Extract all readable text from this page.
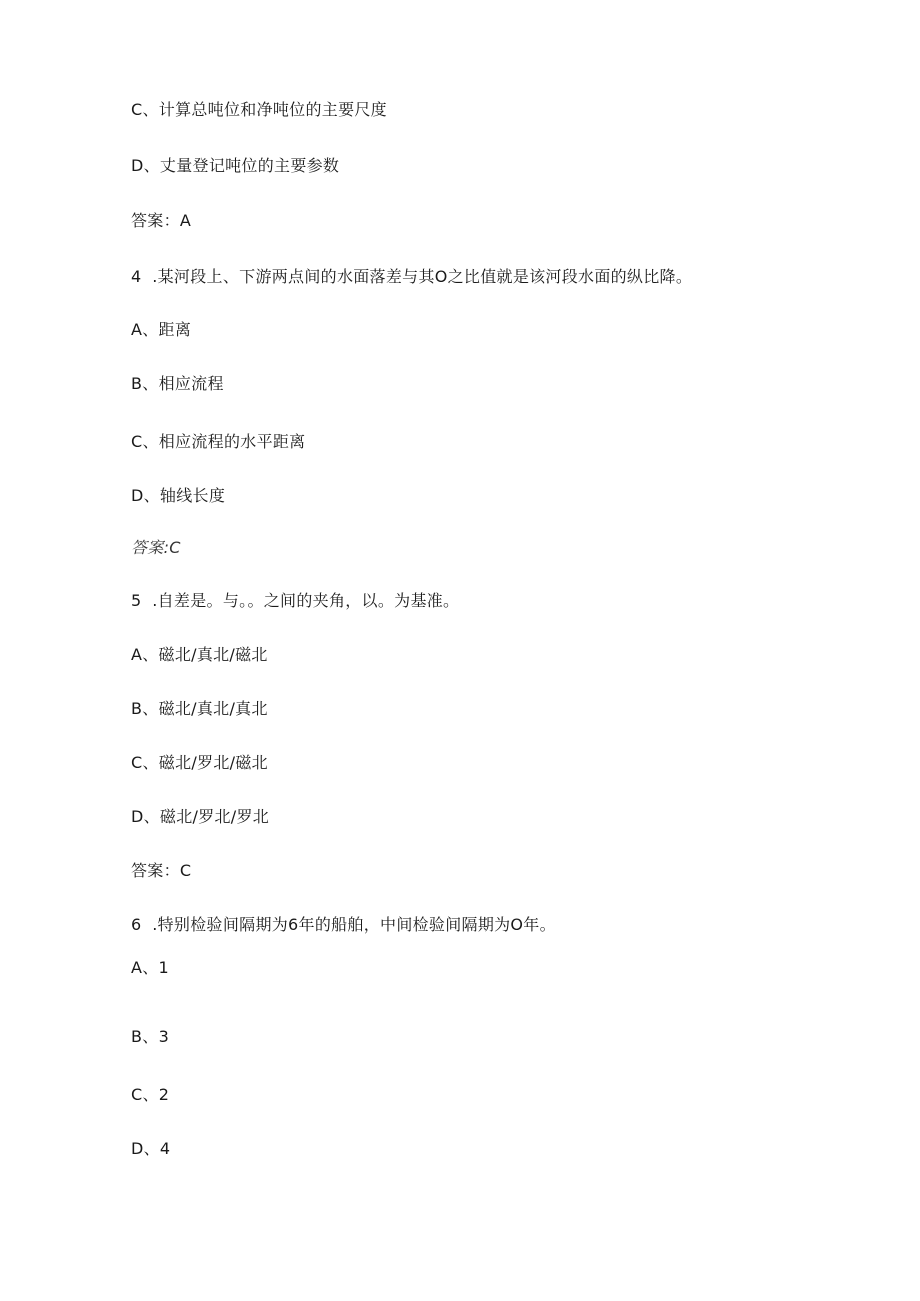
C、计算总吨位和净吨位的主要尺度
D、丈量登记吨位的主要参数
答案：A
4  .某河段上、下游两点间的水面落差与其O之比值就是该河段水面的纵比降。
A、距离
B、相应流程
C、相应流程的水平距离
D、轴线长度
答案:C
5  .自差是。与。。之间的夹角，以。为基准。
A、磁北/真北/磁北
B、磁北/真北/真北
C、磁北/罗北/磁北
D、磁北/罗北/罗北
答案：C
6  .特别检验间隔期为6年的船舶，中间检验间隔期为O年。
A、1
B、3
C、2
D、4
